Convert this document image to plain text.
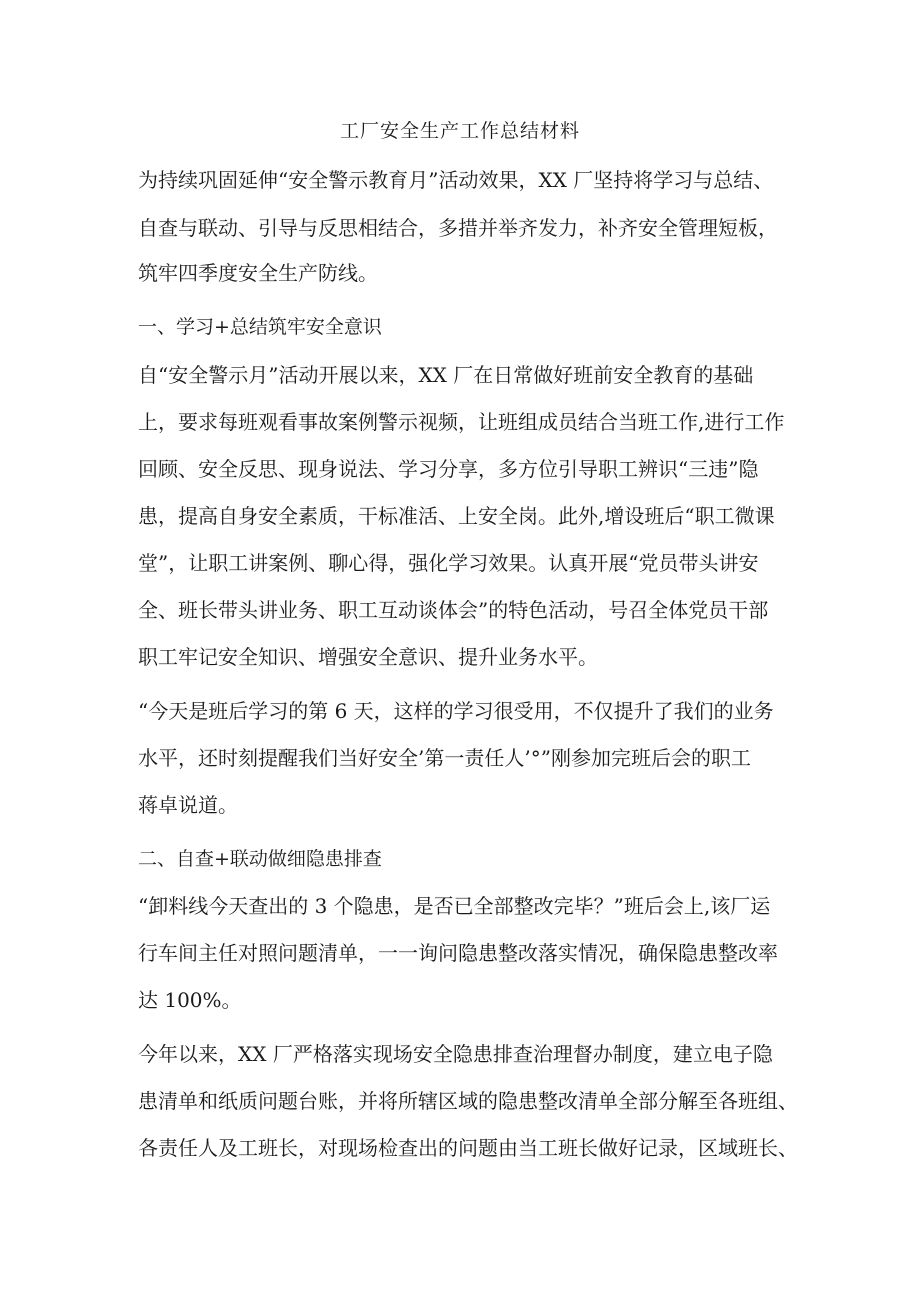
工厂安全生产工作总结材料
为持续巩固延伸“安全警示教育月”活动效果，XX 厂坚持将学习与总结、
自查与联动、引导与反思相结合，多措并举齐发力，补齐安全管理短板，
筑牢四季度安全生产防线。
一、学习+总结筑牢安全意识
自“安全警示月”活动开展以来，XX 厂在日常做好班前安全教育的基础
上，要求每班观看事故案例警示视频，让班组成员结合当班工作,进行工作
回顾、安全反思、现身说法、学习分享，多方位引导职工辨识“三违”隐
患，提高自身安全素质，干标准活、上安全岗。此外,增设班后“职工微课
堂”，让职工讲案例、聊心得，强化学习效果。认真开展“党员带头讲安
全、班长带头讲业务、职工互动谈体会”的特色活动，号召全体党员干部
职工牢记安全知识、增强安全意识、提升业务水平。
“今天是班后学习的第 6 天，这样的学习很受用，不仅提升了我们的业务
水平，还时刻提醒我们当好安全’第一责任人’°”刚参加完班后会的职工
蒋卓说道。
二、自查+联动做细隐患排查
“卸料线今天查出的 3 个隐患，是否已全部整改完毕？”班后会上,该厂运
行车间主任对照问题清单，一一询问隐患整改落实情况，确保隐患整改率
达 100%。
今年以来，XX 厂严格落实现场安全隐患排查治理督办制度，建立电子隐
患清单和纸质问题台账，并将所辖区域的隐患整改清单全部分解至各班组、
各责任人及工班长，对现场检查出的问题由当工班长做好记录，区域班长、
